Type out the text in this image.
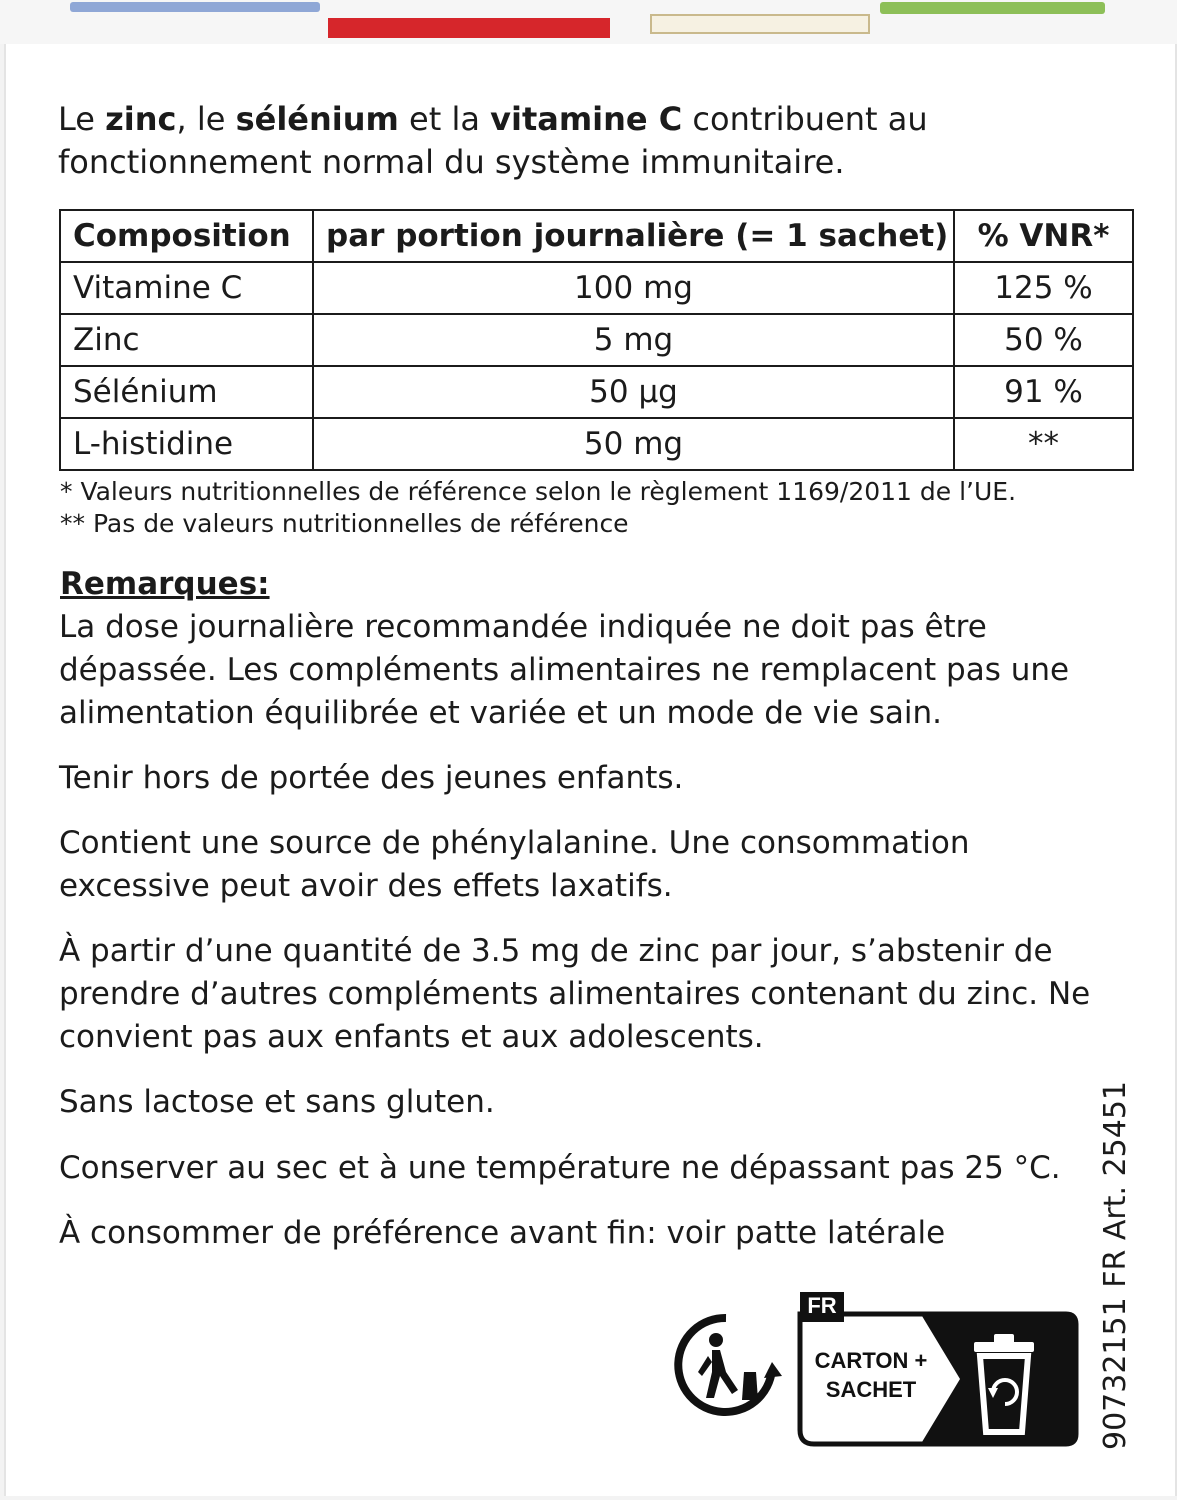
Le zinc, le sélénium et la vitamine C contribuent au fonctionnement normal du système immunitaire.

Composition	par portion journalière (= 1 sachet)	% VNR*
Vitamine C	100 mg	125 %
Zinc	5 mg	50 %
Sélénium	50 µg	91 %
L-histidine	50 mg	**
* Valeurs nutritionnelles de référence selon le règlement 1169/2011 de l’UE.
** Pas de valeurs nutritionnelles de référence

Remarques:

La dose journalière recommandée indiquée ne doit pas être dépassée. Les compléments alimentaires ne remplacent pas une alimentation équilibrée et variée et un mode de vie sain.

Tenir hors de portée des jeunes enfants.

Contient une source de phénylalanine. Une consommation excessive peut avoir des effets laxatifs.

À partir d’une quantité de 3.5 mg de zinc par jour, s’abstenir de prendre d’autres compléments alimentaires contenant du zinc. Ne convient pas aux enfants et aux adolescents.

Sans lactose et sans gluten.

Conserver au sec et à une température ne dépassant pas 25 °C.

À consommer de préférence avant fin: voir patte latérale	90732151 FR Art. 25451
FR
CARTON +
SACHET
